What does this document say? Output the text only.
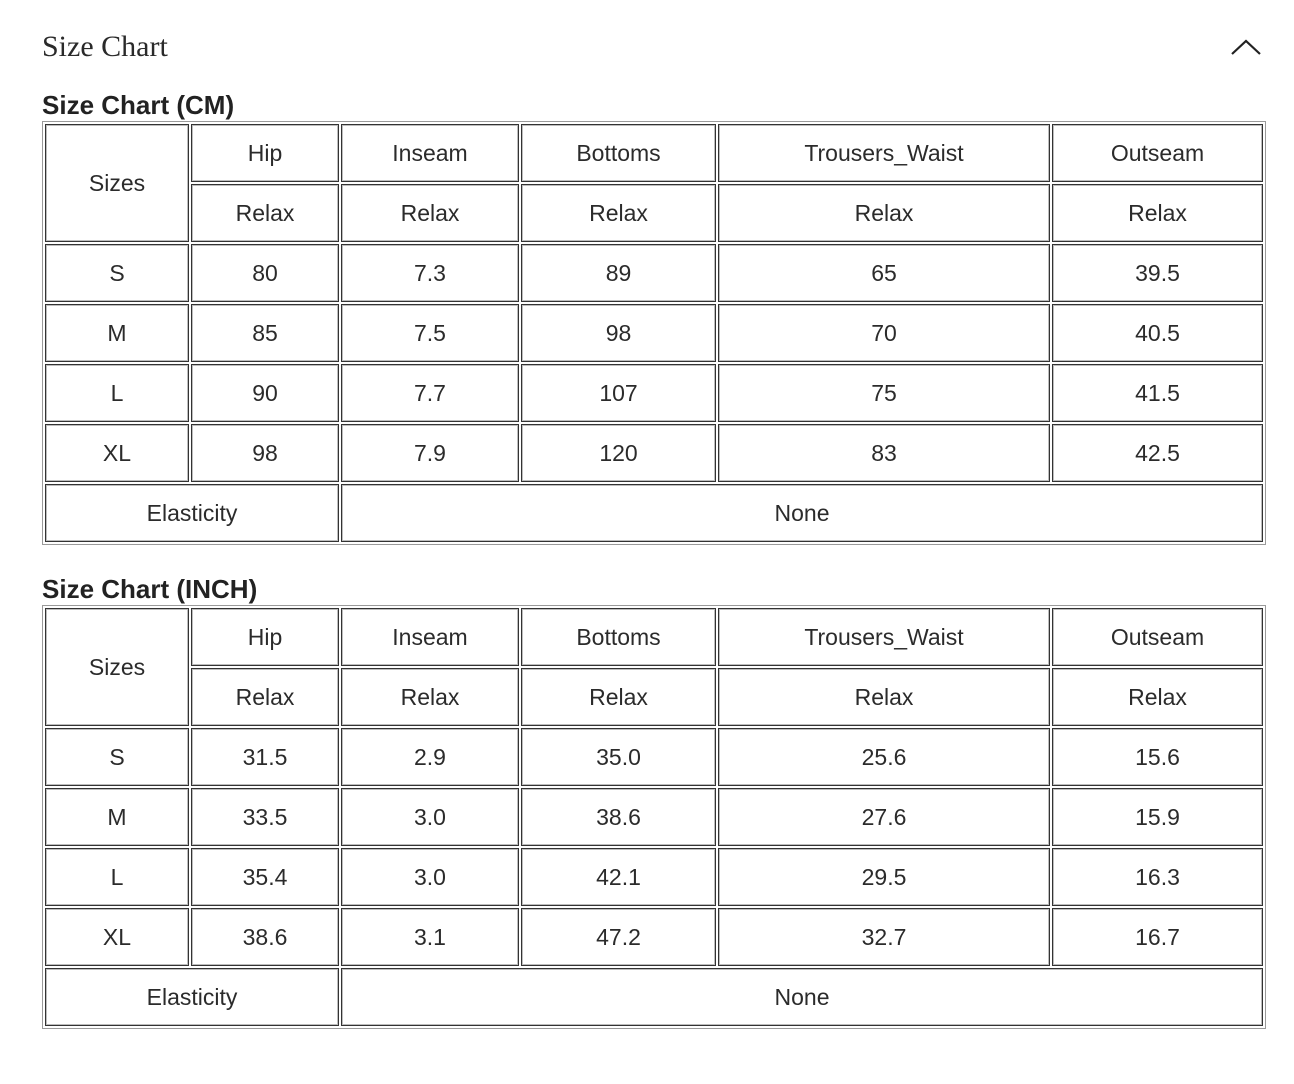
Size Chart
Size Chart (CM)
Sizes	Hip	Inseam	Bottoms	Trousers_Waist	Outseam
	Relax	Relax	Relax	Relax	Relax
S	80	7.3	89	65	39.5
M	85	7.5	98	70	40.5
L	90	7.7	107	75	41.5
XL	98	7.9	120	83	42.5
Elasticity		None			
Size Chart (INCH)
Sizes	Hip	Inseam	Bottoms	Trousers_Waist	Outseam
	Relax	Relax	Relax	Relax	Relax
S	31.5	2.9	35.0	25.6	15.6
M	33.5	3.0	38.6	27.6	15.9
L	35.4	3.0	42.1	29.5	16.3
XL	38.6	3.1	47.2	32.7	16.7
Elasticity		None			
